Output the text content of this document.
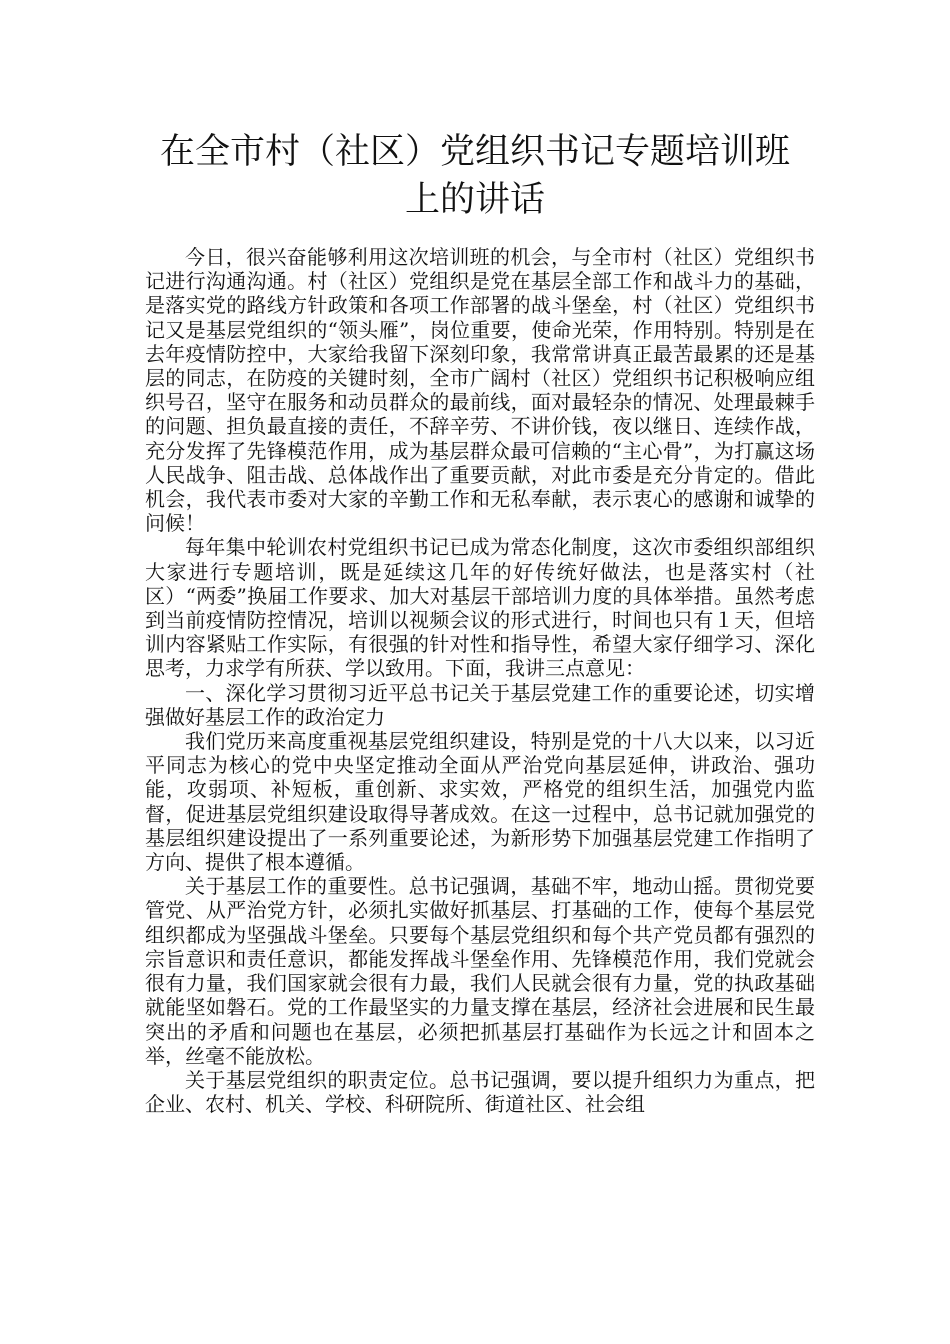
在全市村（社区）党组织书记专题培训班
上的讲话

今日，很兴奋能够利用这次培训班的机会，与全市村（社区）党组织书记进行沟通沟通。村（社区）党组织是党在基层全部工作和战斗力的基础，是落实党的路线方针政策和各项工作部署的战斗堡垒，村（社区）党组织书记又是基层党组织的“领头雁”，岗位重要，使命光荣，作用特别。特别是在去年疫情防控中，大家给我留下深刻印象，我常常讲真正最苦最累的还是基层的同志，在防疫的关键时刻，全市广阔村（社区）党组织书记积极响应组织号召，坚守在服务和动员群众的最前线，面对最轻杂的情况、处理最棘手的问题、担负最直接的责任，不辞辛劳、不讲价钱，夜以继日、连续作战，充分发挥了先锋模范作用，成为基层群众最可信赖的“主心骨”，为打赢这场人民战争、阻击战、总体战作出了重要贡献，对此市委是充分肯定的。借此机会，我代表市委对大家的辛勤工作和无私奉献，表示衷心的感谢和诚挚的问候！

每年集中轮训农村党组织书记已成为常态化制度，这次市委组织部组织大家进行专题培训，既是延续这几年的好传统好做法，也是落实村（社区）“两委”换届工作要求、加大对基层干部培训力度的具体举措。虽然考虑到当前疫情防控情况，培训以视频会议的形式进行，时间也只有１天，但培训内容紧贴工作实际，有很强的针对性和指导性，希望大家仔细学习、深化思考，力求学有所获、学以致用。下面，我讲三点意见：

一、深化学习贯彻习近平总书记关于基层党建工作的重要论述，切实增强做好基层工作的政治定力

我们党历来高度重视基层党组织建设，特别是党的十八大以来，以习近平同志为核心的党中央坚定推动全面从严治党向基层延伸，讲政治、强功能，攻弱项、补短板，重创新、求实效，严格党的组织生活，加强党内监督，促进基层党组织建设取得导著成效。在这一过程中，总书记就加强党的基层组织建设提出了一系列重要论述，为新形势下加强基层党建工作指明了方向、提供了根本遵循。

关于基层工作的重要性。总书记强调，基础不牢，地动山摇。贯彻党要管党、从严治党方针，必须扎实做好抓基层、打基础的工作，使每个基层党组织都成为坚强战斗堡垒。只要每个基层党组织和每个共产党员都有强烈的宗旨意识和责任意识，都能发挥战斗堡垒作用、先锋模范作用，我们党就会很有力量，我们国家就会很有力最，我们人民就会很有力量，党的执政基础就能坚如磐石。党的工作最坚实的力量支撑在基层，经济社会进展和民生最突出的矛盾和问题也在基层，必须把抓基层打基础作为长远之计和固本之举，丝毫不能放松。

关于基层党组织的职责定位。总书记强调，要以提升组织力为重点，把企业、农村、机关、学校、科研院所、街道社区、社会组
